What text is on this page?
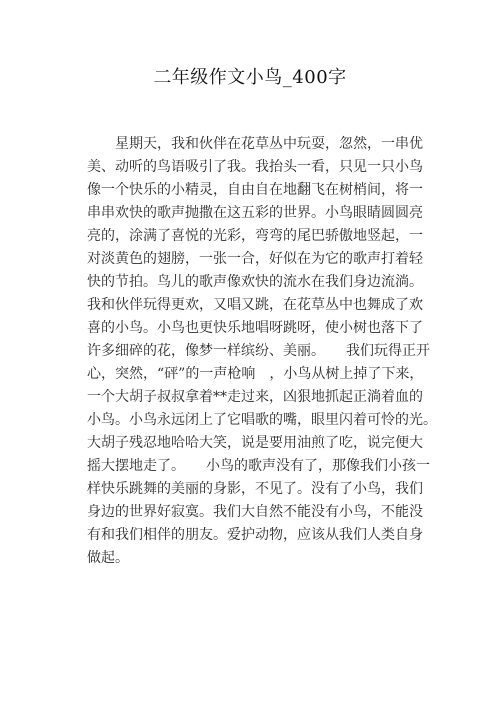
二年级作文小鸟_400字
　　星期天，我和伙伴在花草丛中玩耍，忽然，一串优
美、动听的鸟语吸引了我。我抬头一看，只见一只小鸟
像一个快乐的小精灵，自由自在地翻飞在树梢间，将一
串串欢快的歌声抛撒在这五彩的世界。小鸟眼睛圆圆亮
亮的，涂满了喜悦的光彩，弯弯的尾巴骄傲地竖起，一
对淡黄色的翅膀，一张一合，好似在为它的歌声打着轻
快的节拍。鸟儿的歌声像欢快的流水在我们身边流淌。
我和伙伴玩得更欢，又唱又跳，在花草丛中也舞成了欢
喜的小鸟。小鸟也更快乐地唱呀跳呀，使小树也落下了
许多细碎的花，像梦一样缤纷、美丽。　　我们玩得正开
心，突然，“砰”的一声枪响　，小鸟从树上掉了下来，
一个大胡子叔叔拿着**走过来，凶狠地抓起正淌着血的
小鸟。小鸟永远闭上了它唱歌的嘴，眼里闪着可怜的光。
大胡子残忍地哈哈大笑，说是要用油煎了吃，说完便大
摇大摆地走了。　　小鸟的歌声没有了，那像我们小孩一
样快乐跳舞的美丽的身影，不见了。没有了小鸟，我们
身边的世界好寂寞。我们大自然不能没有小鸟，不能没
有和我们相伴的朋友。爱护动物，应该从我们人类自身
做起。
